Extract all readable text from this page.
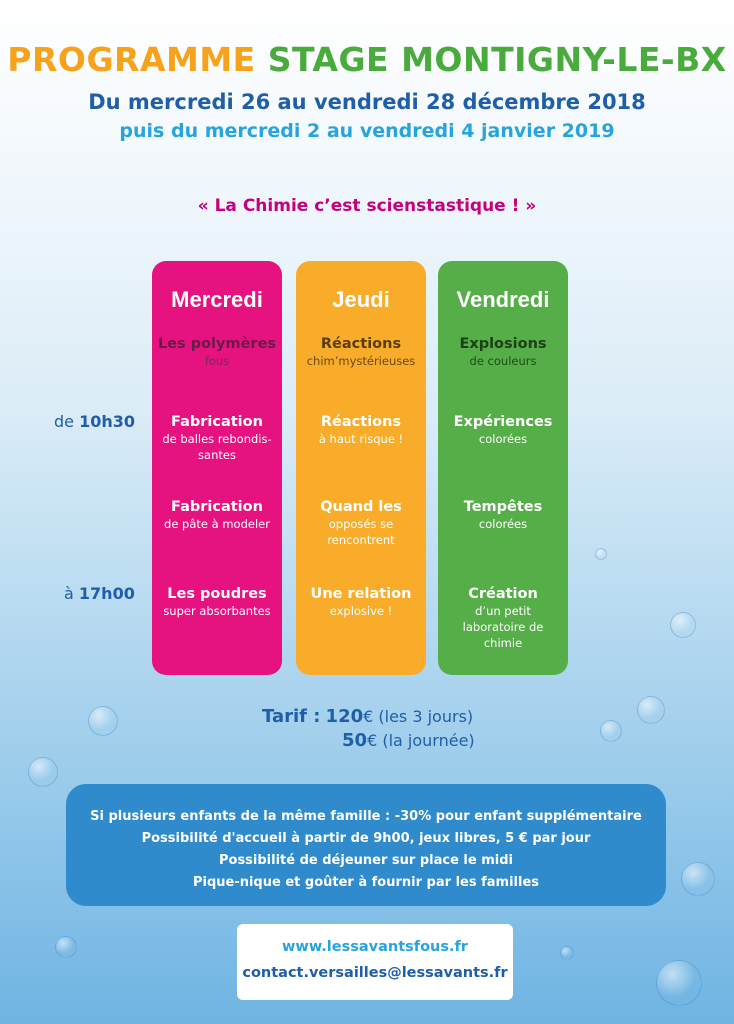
PROGRAMME STAGE MONTIGNY-LE-BX
Du mercredi 26 au vendredi 28 décembre 2018
puis du mercredi 2 au vendredi 4 janvier 2019
« La Chimie c’est scienstastique ! »
de 10h30
à 17h00
Mercredi
Les polymères
fous
Fabrication
de balles rebondis-santes
Fabrication
de pâte à modeler
Les poudres
super absorbantes
Jeudi
Réactions
chim’mystérieuses
Réactions
à haut risque !
Quand les
opposés se rencontrent
Une relation
explosive !
Vendredi
Explosions
de couleurs
Expériences
colorées
Tempêtes
colorées
Création
d’un petit laboratoire de chimie
Tarif : 120€ (les 3 jours)
50€ (la journée)
Si plusieurs enfants de la même famille : -30% pour enfant supplémentaire
Possibilité d'accueil à partir de 9h00, jeux libres, 5 € par jour
Possibilité de déjeuner sur place le midi
Pique-nique et goûter à fournir par les familles
www.lessavantsfous.fr
contact.versailles@lessavants.fr
